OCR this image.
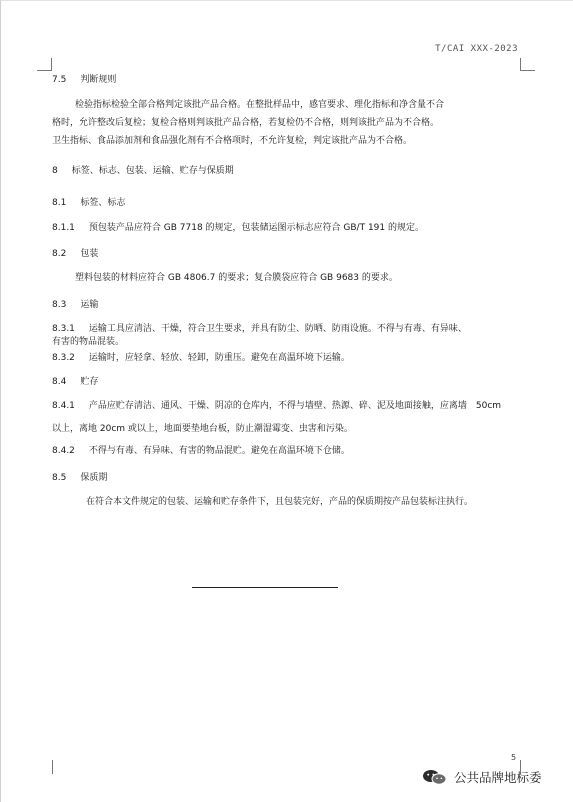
T/CAI XXX-2023
7.5 判断规则
检验指标检验全部合格判定该批产品合格。在整批样品中，感官要求、理化指标和净含量不合
格时，允许整改后复检；复检合格则判该批产品合格，若复检仍不合格，则判该批产品为不合格。
卫生指标、食品添加剂和食品强化剂有不合格项时，不允许复检，判定该批产品为不合格。
8 标签、标志、包装、运输、贮存与保质期
8.1 标签、标志
8.1.1 预包装产品应符合 GB 7718 的规定，包装储运图示标志应符合 GB/T 191 的规定。
8.2 包装
塑料包装的材料应符合 GB 4806.7 的要求；复合膜袋应符合 GB 9683 的要求。
8.3 运输
8.3.1 运输工具应清洁、干燥，符合卫生要求，并具有防尘、防晒、防雨设施。不得与有毒、有异味、
有害的物品混装。
8.3.2 运输时，应轻拿、轻放、轻卸，防重压。避免在高温环境下运输。
8.4 贮存
8.4.1 产品应贮存清洁、通风、干燥、阴凉的仓库内，不得与墙壁、热源、碎、泥及地面接触，应离墙　50cm
以上，离地 20cm 或以上，地面要垫地台板，防止潮湿霉变、虫害和污染。
8.4.2 不得与有毒、有异味、有害的物品混贮。避免在高温环境下仓储。
8.5 保质期
在符合本文件规定的包装、运输和贮存条件下，且包装完好，产品的保质期按产品包装标注执行。
5
公共品牌地标委
